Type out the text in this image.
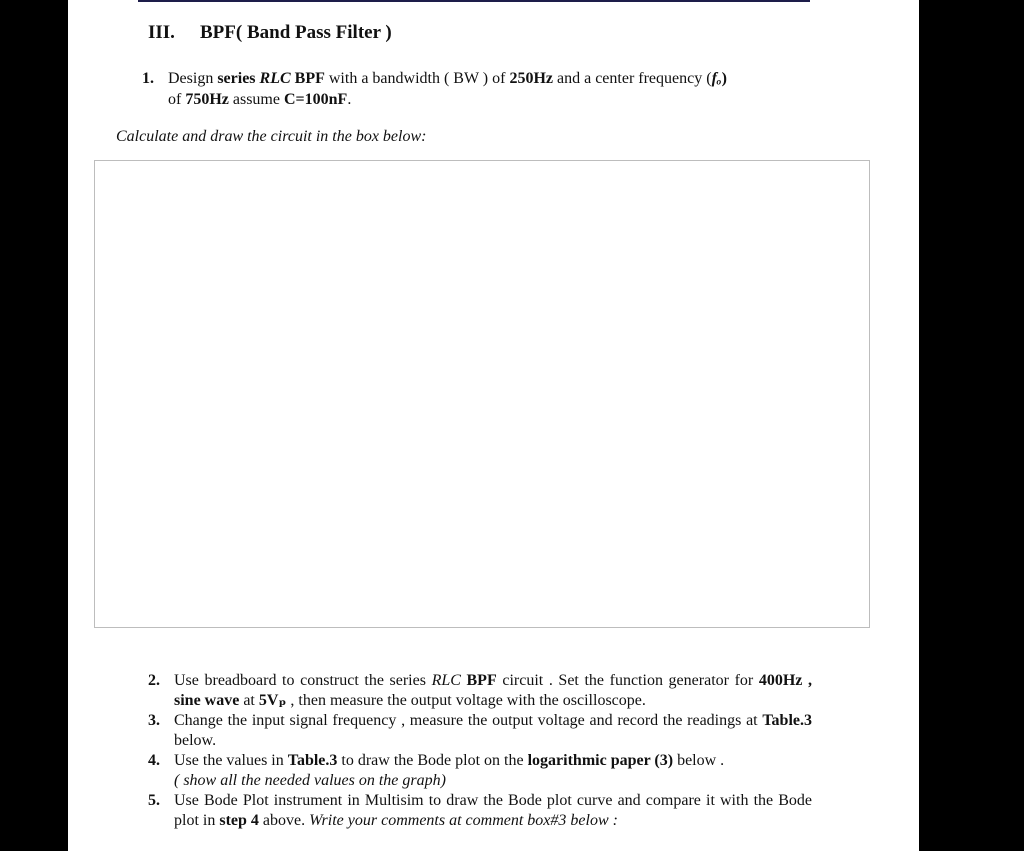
III. BPF( Band Pass Filter )
1. Design series RLC BPF with a bandwidth ( BW ) of 250Hz and a center frequency (fₒ)
of 750Hz assume C=100nF.
Calculate and draw the circuit in the box below:
2. Use breadboard to construct the series RLC BPF circuit . Set the function generator for 400Hz , sine wave at 5Vₚ , then measure the output voltage with the oscilloscope.
3. Change the input signal frequency , measure the output voltage and record the readings at Table.3 below.
4. Use the values in Table.3 to draw the Bode plot on the logarithmic paper (3) below .
( show all the needed values on the graph)
5. Use Bode Plot instrument in Multisim to draw the Bode plot curve and compare it with the Bode plot in step 4 above. Write your comments at comment box#3 below :
